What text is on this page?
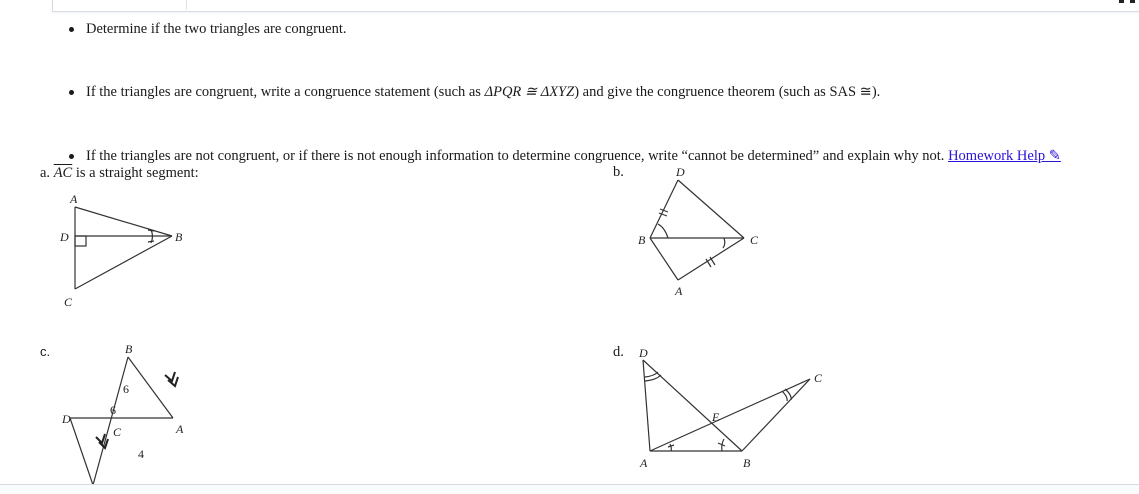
Determine if the two triangles are congruent.
If the triangles are congruent, write a congruence statement (such as ΔPQR ≅ ΔXYZ) and give the congruence theorem (such as SAS ≅).
If the triangles are not congruent, or if there is not enough information to determine congruence, write “cannot be determined” and explain why not. Homework Help ✎
a. $\overline{AC}$ is a straight segment:
A
B
C
D
b.	D
B	C
A
c.	B
A
D
C
6
6
4
d. D
C
E
A	B
